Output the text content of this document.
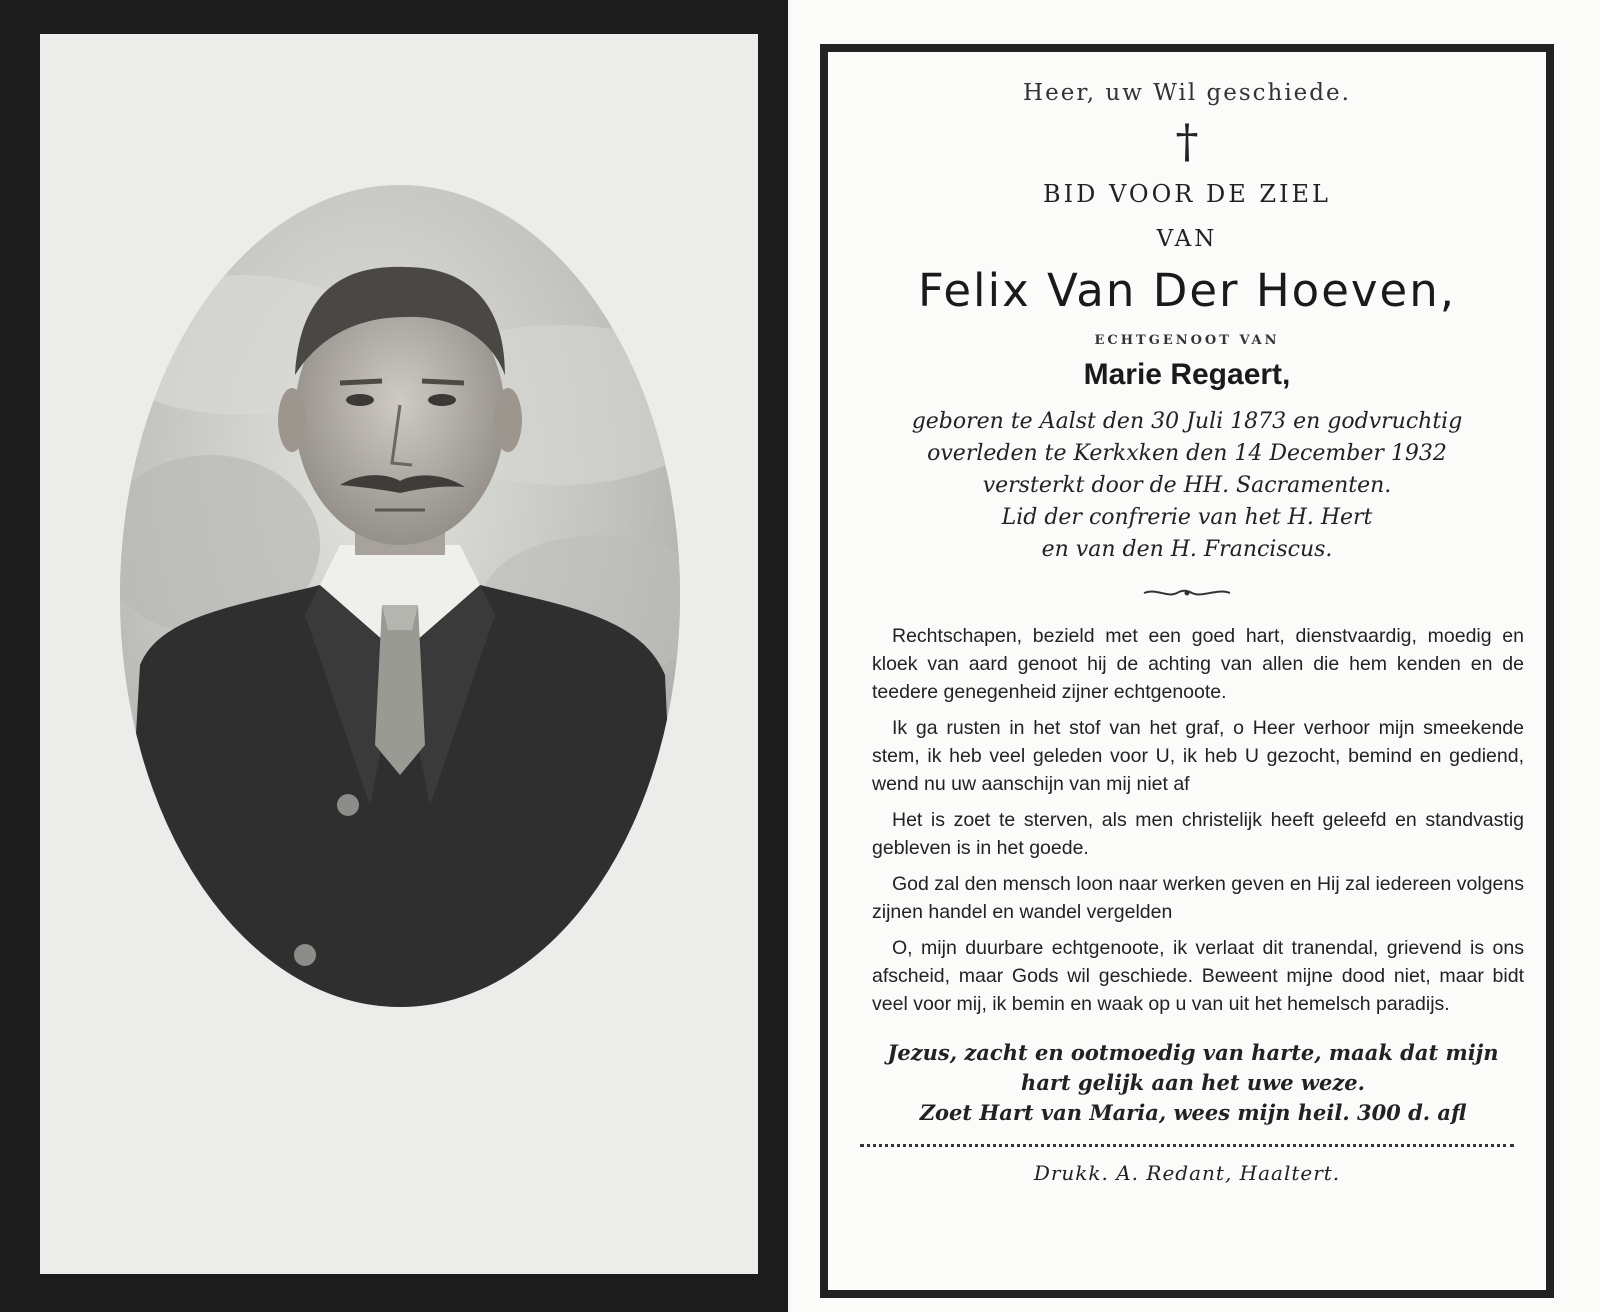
Heer, uw Wil geschiede.
†
BID VOOR DE ZIEL
VAN
Felix Van Der Hoeven,
ECHTGENOOT VAN
Marie Regaert,
geboren te Aalst den 30 Juli 1873 en godvruchtig
overleden te Kerkxken den 14 December 1932
versterkt door de HH. Sacramenten.
Lid der confrerie van het H. Hert
en van den H. Franciscus.

Rechtschapen, bezield met een goed hart, dienstvaardig, moedig en kloek van aard genoot hij de achting van allen die hem kenden en de teedere genegenheid zijner echtgenoote.

Ik ga rusten in het stof van het graf, o Heer verhoor mijn smeekende stem, ik heb veel geleden voor U, ik heb U gezocht, bemind en gediend, wend nu uw aanschijn van mij niet af

Het is zoet te sterven, als men christelijk heeft geleefd en standvastig gebleven is in het goede.

God zal den mensch loon naar werken geven en Hij zal iedereen volgens zijnen handel en wandel vergelden

O, mijn duurbare echtgenoote, ik verlaat dit tranendal, grievend is ons afscheid, maar Gods wil geschiede. Beweent mijne dood niet, maar bidt veel voor mij, ik bemin en waak op u van uit het hemelsch paradijs.

Jezus, zacht en ootmoedig van harte, maak dat mijn hart gelijk aan het uwe weze.

Zoet Hart van Maria, wees mijn heil. 300 d. afl

Drukk. A. Redant, Haaltert.
